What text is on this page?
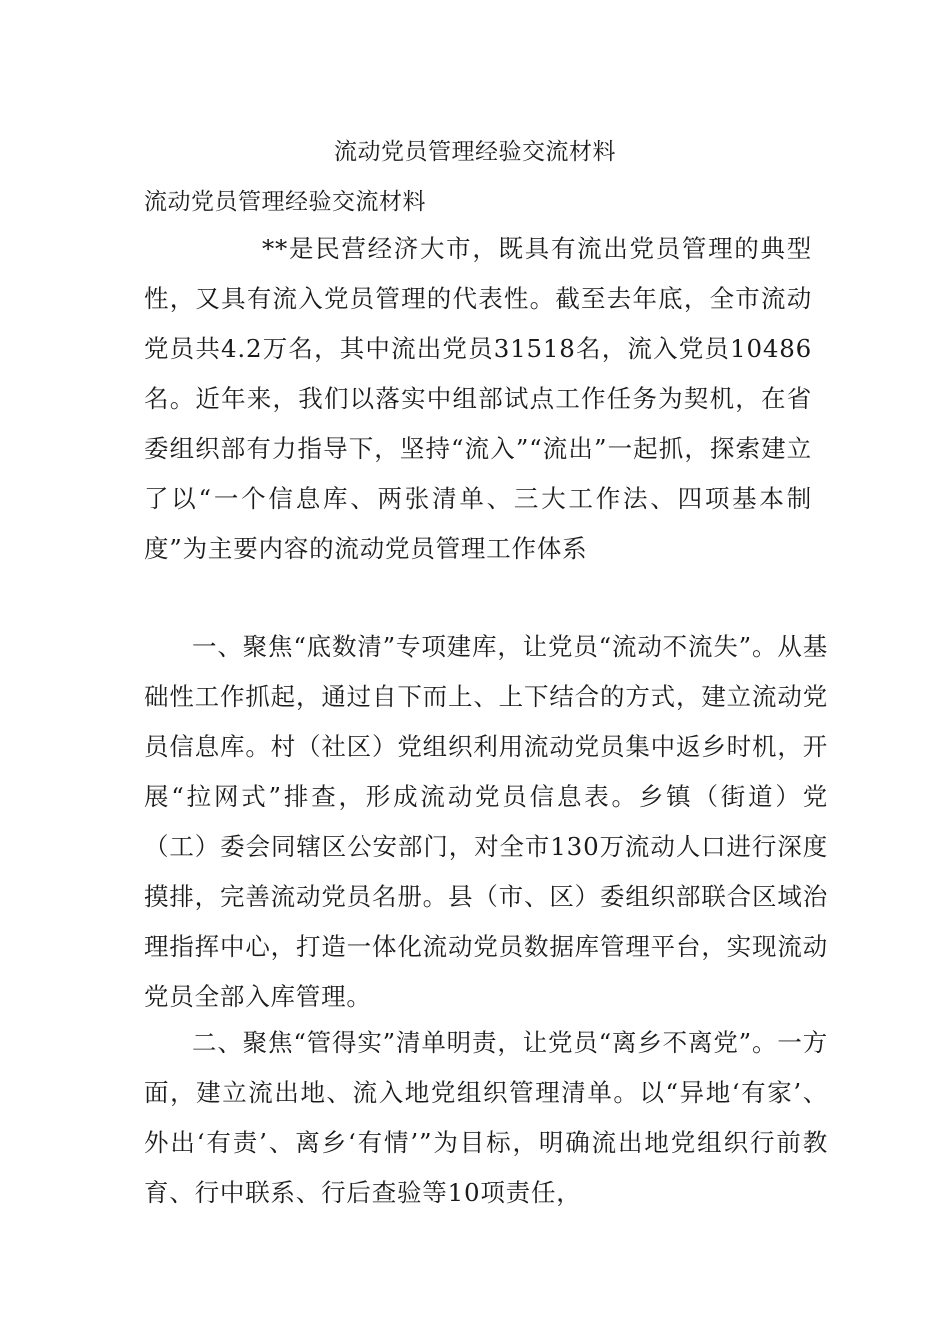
流动党员管理经验交流材料
流动党员管理经验交流材料
**是民营经济大市，既具有流出党员管理的典型性，又具有流入党员管理的代表性。截至去年底，全市流动党员共4.2万名，其中流出党员31518名，流入党员10486名。近年来，我们以落实中组部试点工作任务为契机，在省委组织部有力指导下，坚持“流入”“流出”一起抓，探索建立了以“一个信息库、两张清单、三大工作法、四项基本制度”为主要内容的流动党员管理工作体系
一、聚焦“底数清”专项建库，让党员“流动不流失”。从基础性工作抓起，通过自下而上、上下结合的方式，建立流动党员信息库。村（社区）党组织利用流动党员集中返乡时机，开展“拉网式”排查，形成流动党员信息表。乡镇（街道）党（工）委会同辖区公安部门，对全市130万流动人口进行深度摸排，完善流动党员名册。县（市、区）委组织部联合区域治理指挥中心，打造一体化流动党员数据库管理平台，实现流动党员全部入库管理。
二、聚焦“管得实”清单明责，让党员“离乡不离党”。一方面，建立流出地、流入地党组织管理清单。以“异地‘有家’、外出‘有责’、离乡‘有情’”为目标，明确流出地党组织行前教育、行中联系、行后查验等10项责任，
